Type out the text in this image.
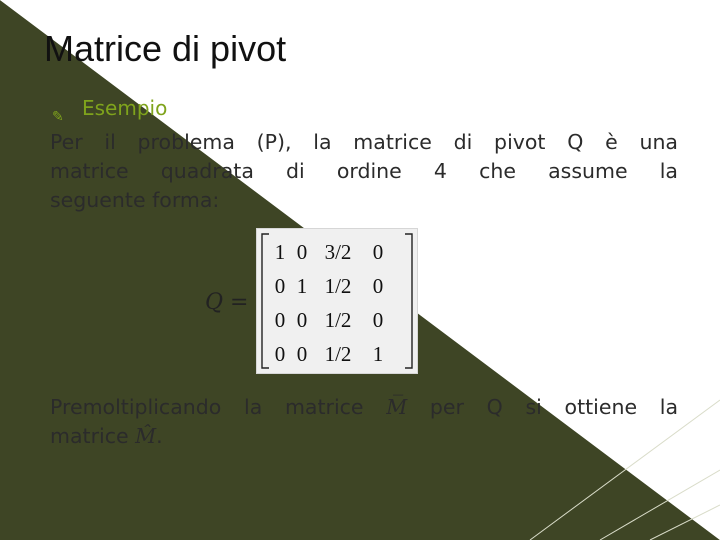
Matrice di pivot
✎ Esempio
Per il problema (P), la matrice di pivot Q è una
matrice quadrata di ordine 4 che assume la
seguente forma:
Q =
1 0 3/2	0
0 1 1/2	0
0 0 1/2	0
0 0 1/2	1
Premoltiplicando la matrice M̅ per Q si ottiene la
matrice M̂.
